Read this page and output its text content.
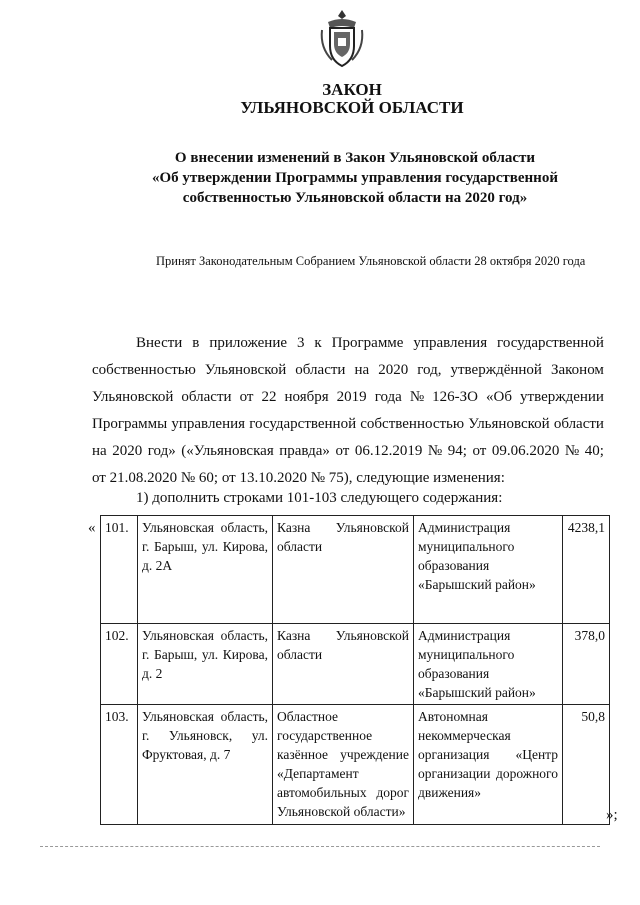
ЗАКОН
УЛЬЯНОВСКОЙ ОБЛАСТИ
О внесении изменений в Закон Ульяновской области
«Об утверждении Программы управления государственной
собственностью Ульяновской области на 2020 год»
Принят Законодательным Собранием Ульяновской области 28 октября 2020 года
Внести в приложение 3 к Программе управления государственной
собственностью Ульяновской области на 2020 год, утверждённой Законом
Ульяновской области от 22 ноября 2019 года № 126-ЗО «Об утверждении
Программы управления государственной собственностью Ульяновской области
на 2020 год» («Ульяновская правда» от 06.12.2019 № 94; от 09.06.2020 № 40;
от 21.08.2020 № 60; от 13.10.2020 № 75), следующие изменения:
1) дополнить строками 101-103 следующего содержания:
« 101.	Ульяновская область, г. Барыш, ул. Кирова, д. 2А	Казна Ульяновской области	Администрация муниципального образования «Барышский район»	4238,1
102.	Ульяновская область, г. Барыш, ул. Кирова, д. 2	Казна Ульяновской области	Администрация муниципального образования «Барышский район»	378,0
103.	Ульяновская область, г. Ульяновск, ул. Фруктовая, д. 7	Областное государственное казённое учреждение «Департамент автомобильных дорог Ульяновской области»	Автономная некоммерческая организация «Центр организации дорожного движения»	50,8
»;
